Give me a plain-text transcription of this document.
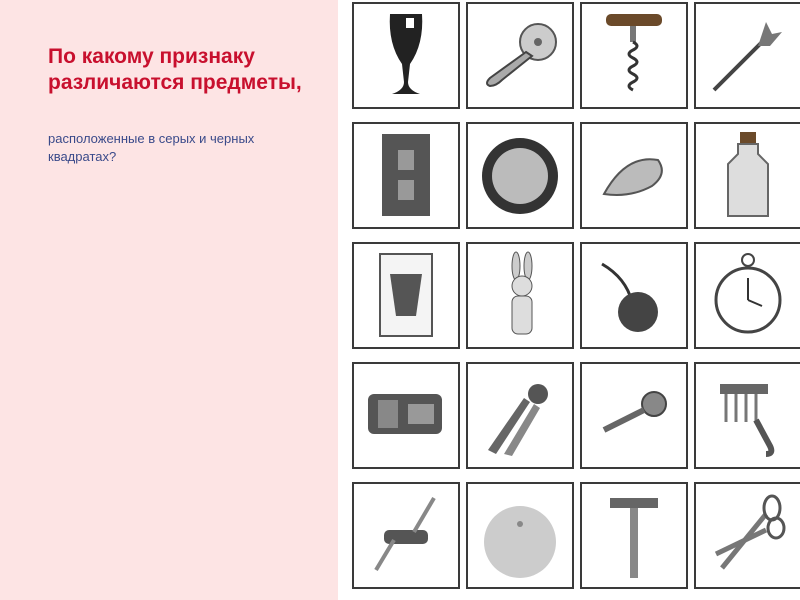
По какому признаку различаются предметы,

расположенные в серых и черных квадратах?
